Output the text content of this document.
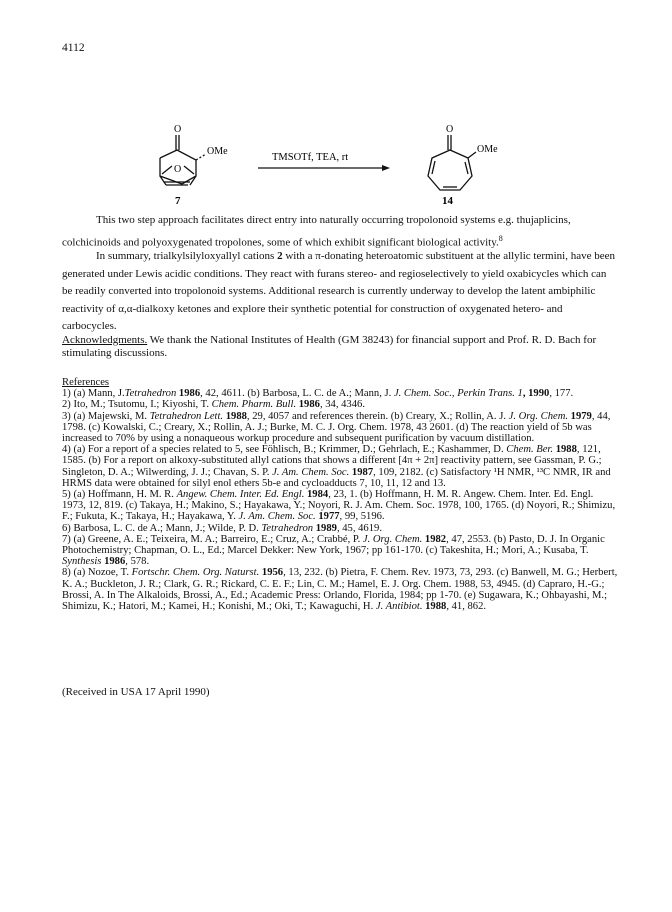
4112
O
O
OMe
7
TMSOTf, TEA, rt
O
OMe
14
This two step approach facilitates direct entry into naturally occurring tropolonoid systems e.g. thujaplicins, colchicinoids and polyoxygenated tropolones, some of which exhibit significant biological activity.$^8$
In summary, trialkylsilyloxyallyl cations 2 with a π-donating heteroatomic substituent at the allylic termini, have been generated under Lewis acidic conditions. They react with furans stereo- and regioselectively to yield oxabicycles which can be readily converted into tropolonoid systems. Additional research is currently underway to develop the latent ambiphilic reactivity of α,α-dialkoxy ketones and explore their synthetic potential for construction of oxygenated hetero- and carbocycles.
Acknowledgments. We thank the National Institutes of Health (GM 38243) for financial support and Prof. R. D. Bach for stimulating discussions.
References

1) (a) Mann, J.Tetrahedron 1986, 42, 4611. (b) Barbosa, L. C. de A.; Mann, J. J. Chem. Soc., Perkin Trans. 1, 1990, 177.

2) Ito, M.; Tsutomu, I.; Kiyoshi, T. Chem. Pharm. Bull. 1986, 34, 4346.

3) (a) Majewski, M. Tetrahedron Lett. 1988, 29, 4057 and references therein. (b) Creary, X.; Rollin, A. J. J. Org. Chem. 1979, 44, 1798. (c) Kowalski, C.; Creary, X.; Rollin, A. J.; Burke, M. C. J. Org. Chem. 1978, 43 2601. (d) The reaction yield of 5b was increased to 70% by using a nonaqueous workup procedure and subsequent purification by vacuum distillation.

4) (a) For a report of a species related to 5, see Föhlisch, B.; Krimmer, D.; Gehrlach, E.; Kashammer, D. Chem. Ber. 1988, 121, 1585. (b) For a report on alkoxy-substituted allyl cations that shows a different [4π + 2π] reactivity pattern, see Gassman, P. G.; Singleton, D. A.; Wilwerding, J. J.; Chavan, S. P. J. Am. Chem. Soc. 1987, 109, 2182. (c) Satisfactory ¹H NMR, ¹³C NMR, IR and HRMS data were obtained for silyl enol ethers 5b-e and cycloadducts 7, 10, 11, 12 and 13.

5) (a) Hoffmann, H. M. R. Angew. Chem. Inter. Ed. Engl. 1984, 23, 1. (b) Hoffmann, H. M. R. Angew. Chem. Inter. Ed. Engl. 1973, 12, 819. (c) Takaya, H.; Makino, S.; Hayakawa, Y.; Noyori, R. J. Am. Chem. Soc. 1978, 100, 1765. (d) Noyori, R.; Shimizu, F.; Fukuta, K.; Takaya, H.; Hayakawa, Y. J. Am. Chem. Soc. 1977, 99, 5196.

6) Barbosa, L. C. de A.; Mann, J.; Wilde, P. D. Tetrahedron 1989, 45, 4619.

7) (a) Greene, A. E.; Teixeira, M. A.; Barreiro, E.; Cruz, A.; Crabbé, P. J. Org. Chem. 1982, 47, 2553. (b) Pasto, D. J. In Organic Photochemistry; Chapman, O. L., Ed.; Marcel Dekker: New York, 1967; pp 161-170. (c) Takeshita, H.; Mori, A.; Kusaba, T. Synthesis 1986, 578.

8) (a) Nozoe, T. Fortschr. Chem. Org. Naturst. 1956, 13, 232. (b) Pietra, F. Chem. Rev. 1973, 73, 293. (c) Banwell, M. G.; Herbert, K. A.; Buckleton, J. R.; Clark, G. R.; Rickard, C. E. F.; Lin, C. M.; Hamel, E. J. Org. Chem. 1988, 53, 4945. (d) Capraro, H.-G.; Brossi, A. In The Alkaloids, Brossi, A., Ed.; Academic Press: Orlando, Florida, 1984; pp 1-70. (e) Sugawara, K.; Ohbayashi, M.; Shimizu, K.; Hatori, M.; Kamei, H.; Konishi, M.; Oki, T.; Kawaguchi, H. J. Antibiot. 1988, 41, 862.

(Received in USA 17 April 1990)
